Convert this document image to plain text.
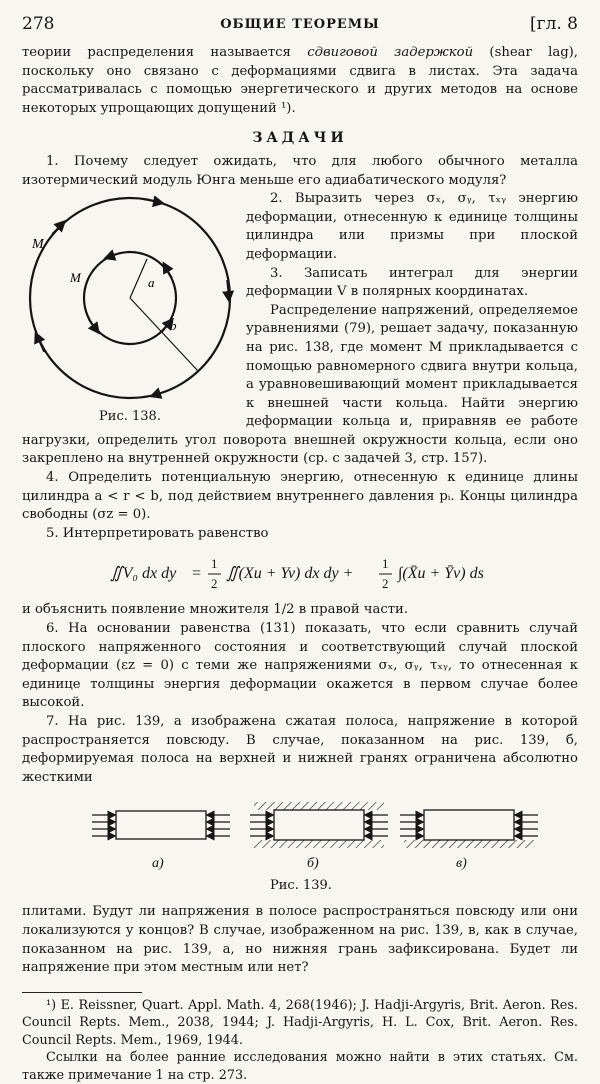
278	ОБЩИЕ ТЕОРЕМЫ	[гл. 8

теории распределения называется сдвиговой задержкой (shear lag), поскольку оно связано с деформациями сдвига в листах. Эта задача рассматривалась с помощью энергетического и других методов на основе некоторых упрощающих допущений ¹).

ЗАДАЧИ

1. Почему следует ожидать, что для любого обычного металла изотермический модуль Юнга меньше его адиабатического модуля?

M
M	a
b
Рис. 138.

2. Выразить через σₓ, σᵧ, τₓᵧ энергию деформации, отнесенную к единице толщины цилиндра или призмы при плоской деформации.

3. Записать интеграл для энергии деформации V в полярных координатах.

Распределение напряжений, определяемое уравнениями (79), решает задачу, показанную на рис. 138, где момент M прикладывается с помощью равномерного сдвига внутри кольца, а уравновешивающий момент прикладывается к внешней части кольца. Найти энергию деформации кольца и, приравняв ее работе нагрузки, определить угол поворота внешней окружности кольца, если оно закреплено на внутренней окружности (ср. с задачей 3, стр. 157).

4. Определить потенциальную энергию, отнесенную к единице длины цилиндра a < r < b, под действием внутреннего давления pᵢ. Концы цилиндра свободны (σz = 0).

5. Интерпретировать равенство

∬V₀ dx dy =
1
2
∬(Xu + Yv) dx dy +
1
2
∫(X̄u + Ȳv) ds

и объяснить появление множителя 1/2 в правой части.

6. На основании равенства (131) показать, что если сравнить случай плоского напряженного состояния и соответствующий случай плоской деформации (εz = 0) с теми же напряжениями σₓ, σᵧ, τₓᵧ, то отнесенная к единице толщины энергия деформации окажется в первом случае более высокой.

7. На рис. 139, a изображена сжатая полоса, напряжение в которой распространяется повсюду. В случае, показанном на рис. 139, б, деформируемая полоса на верхней и нижней гранях ограничена абсолютно жесткими

а)	б)	в)
Рис. 139.

плитами. Будут ли напряжения в полосе распространяться повсюду или они локализуются у концов? В случае, изображенном на рис. 139, в, как в случае, показанном на рис. 139, а, но нижняя грань зафиксирована. Будет ли напряжение при этом местным или нет?

¹) E. Reissner, Quart. Appl. Math. 4, 268(1946); J. Hadji-Argyris, Brit. Aeron. Res. Council Repts. Mem., 2038, 1944; J. Hadji-Argyris, H. L. Cox, Brit. Aeron. Res. Council Repts. Mem., 1969, 1944.

Ссылки на более ранние исследования можно найти в этих статьях. См. также примечание 1 на стр. 273.
